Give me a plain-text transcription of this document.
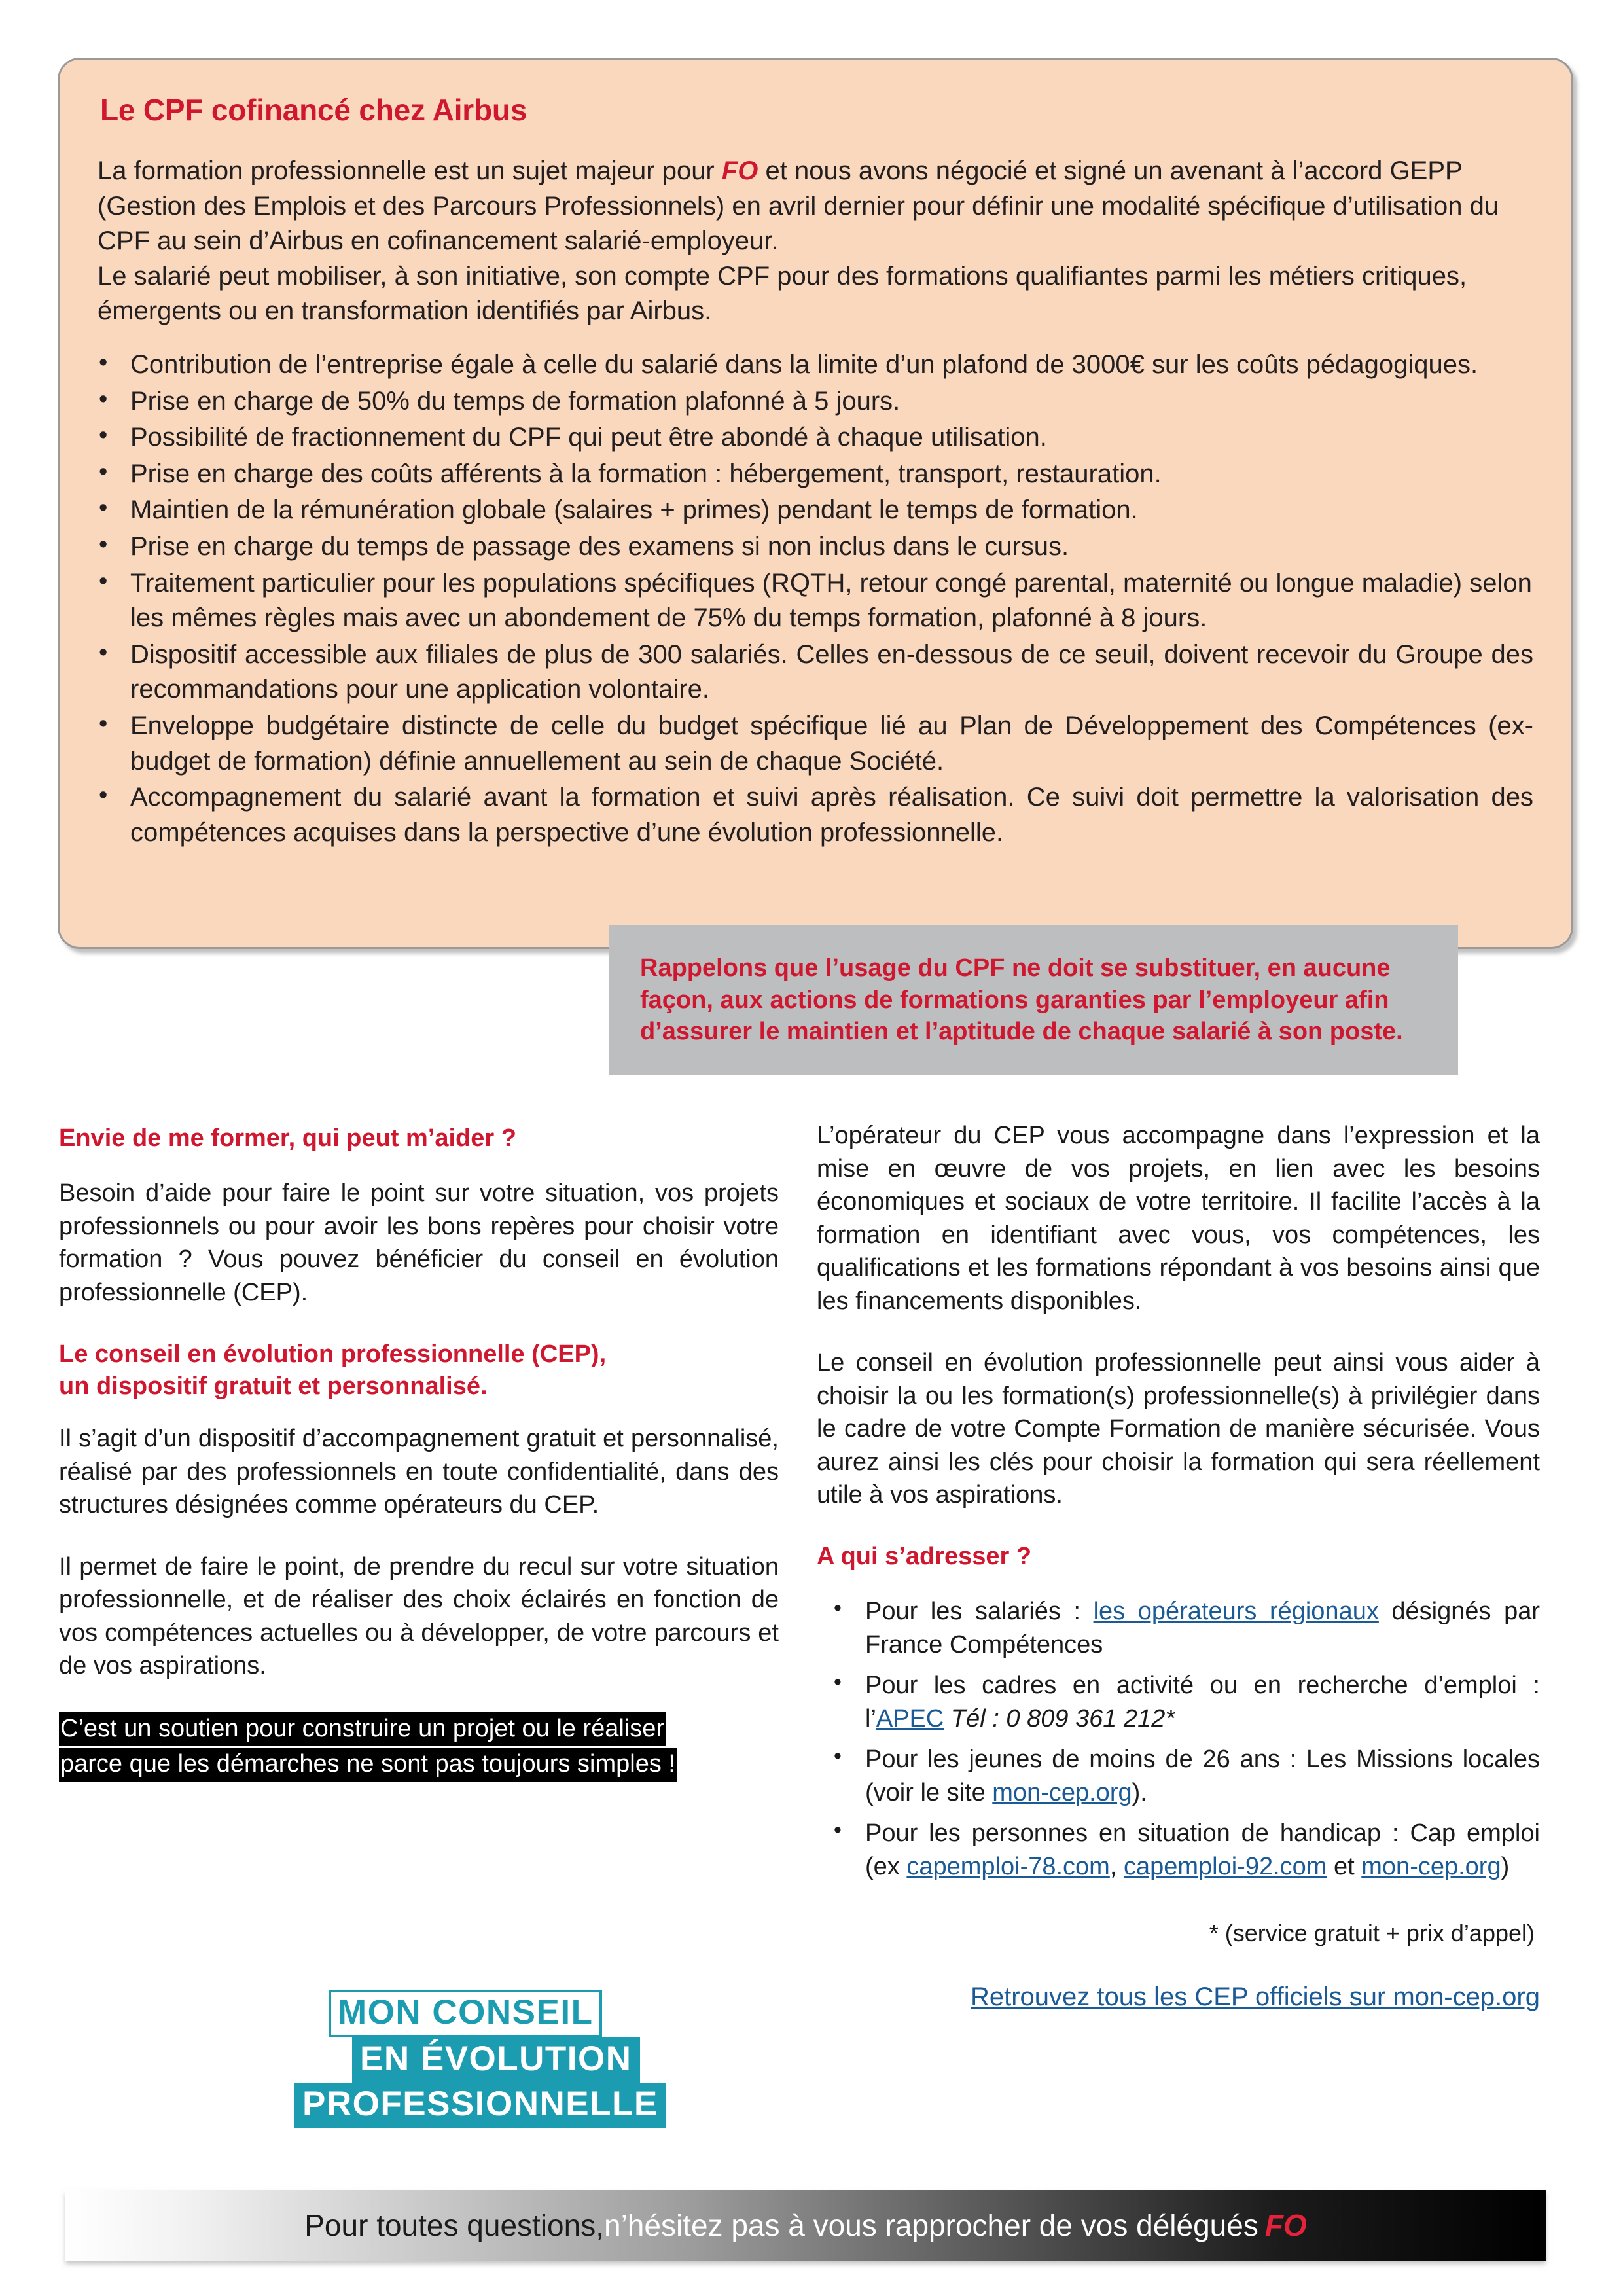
Le CPF cofinancé chez Airbus

La formation professionnelle est un sujet majeur pour FO et nous avons négocié et signé un avenant à l’accord GEPP (Gestion des Emplois et des Parcours Professionnels) en avril dernier pour définir une modalité spécifique d’utilisation du CPF au sein d’Airbus en cofinancement salarié-employeur.

Le salarié peut mobiliser, à son initiative, son compte CPF pour des formations qualifiantes parmi les métiers critiques, émergents ou en transformation identifiés par Airbus.

• Contribution de l’entreprise égale à celle du salarié dans la limite d’un plafond de 3000€ sur les coûts pédagogiques.
• Prise en charge de 50% du temps de formation plafonné à 5 jours.
• Possibilité de fractionnement du CPF qui peut être abondé à chaque utilisation.
• Prise en charge des coûts afférents à la formation : hébergement, transport, restauration.
• Maintien de la rémunération globale (salaires + primes) pendant le temps de formation.
• Prise en charge du temps de passage des examens si non inclus dans le cursus.
• Traitement particulier pour les populations spécifiques (RQTH, retour congé parental, maternité ou longue maladie) selon les mêmes règles mais avec un abondement de 75% du temps formation, plafonné à 8 jours.
• Dispositif accessible aux filiales de plus de 300 salariés. Celles en-dessous de ce seuil, doivent recevoir du Groupe des recommandations pour une application volontaire.
• Enveloppe budgétaire distincte de celle du budget spécifique lié au Plan de Développement des Compétences (ex-budget de formation) définie annuellement au sein de chaque Société.
• Accompagnement du salarié avant la formation et suivi après réalisation. Ce suivi doit permettre la valorisation des compétences acquises dans la perspective d’une évolution professionnelle.
Rappelons que l’usage du CPF ne doit se substituer, en aucune façon, aux actions de formations garanties par l’employeur afin d’assurer le maintien et l’aptitude de chaque salarié à son poste.
Envie de me former, qui peut m’aider ?

Besoin d’aide pour faire le point sur votre situation, vos projets professionnels ou pour avoir les bons repères pour choisir votre formation ? Vous pouvez bénéficier du conseil en évolution professionnelle (CEP).

Le conseil en évolution professionnelle (CEP),
un dispositif gratuit et personnalisé.

Il s’agit d’un dispositif d’accompagnement gratuit et personnalisé, réalisé par des professionnels en toute confidentialité, dans des structures désignées comme opérateurs du CEP.

Il permet de faire le point, de prendre du recul sur votre situation professionnelle, et de réaliser des choix éclairés en fonction de vos compétences actuelles ou à développer, de votre parcours et de vos aspirations.

C’est un soutien pour construire un projet ou le réaliser
parce que les démarches ne sont pas toujours simples !

L’opérateur du CEP vous accompagne dans l’expression et la mise en œuvre de vos projets, en lien avec les besoins économiques et sociaux de votre territoire. Il facilite l’accès à la formation en identifiant avec vous, vos compétences, les qualifications et les formations répondant à vos besoins ainsi que les financements disponibles.

Le conseil en évolution professionnelle peut ainsi vous aider à choisir la ou les formation(s) professionnelle(s) à privilégier dans le cadre de votre Compte Formation de manière sécurisée. Vous aurez ainsi les clés pour choisir la formation qui sera réellement utile à vos aspirations.

A qui s’adresser ?
• Pour les salariés : les opérateurs régionaux désignés par France Compétences
• Pour les cadres en activité ou en recherche d’emploi : l’APEC Tél : 0 809 361 212*
• Pour les jeunes de moins de 26 ans : Les Missions locales (voir le site mon-cep.org).
• Pour les personnes en situation de handicap : Cap emploi (ex capemploi-78.com, capemploi-92.com et mon-cep.org)
* (service gratuit + prix d’appel)
Retrouvez tous les CEP officiels sur mon-cep.org
MON CONSEIL
EN ÉVOLUTION
PROFESSIONNELLE
Pour toutes questions, n’hésitez pas à vous rapprocher de vos délégués FO
